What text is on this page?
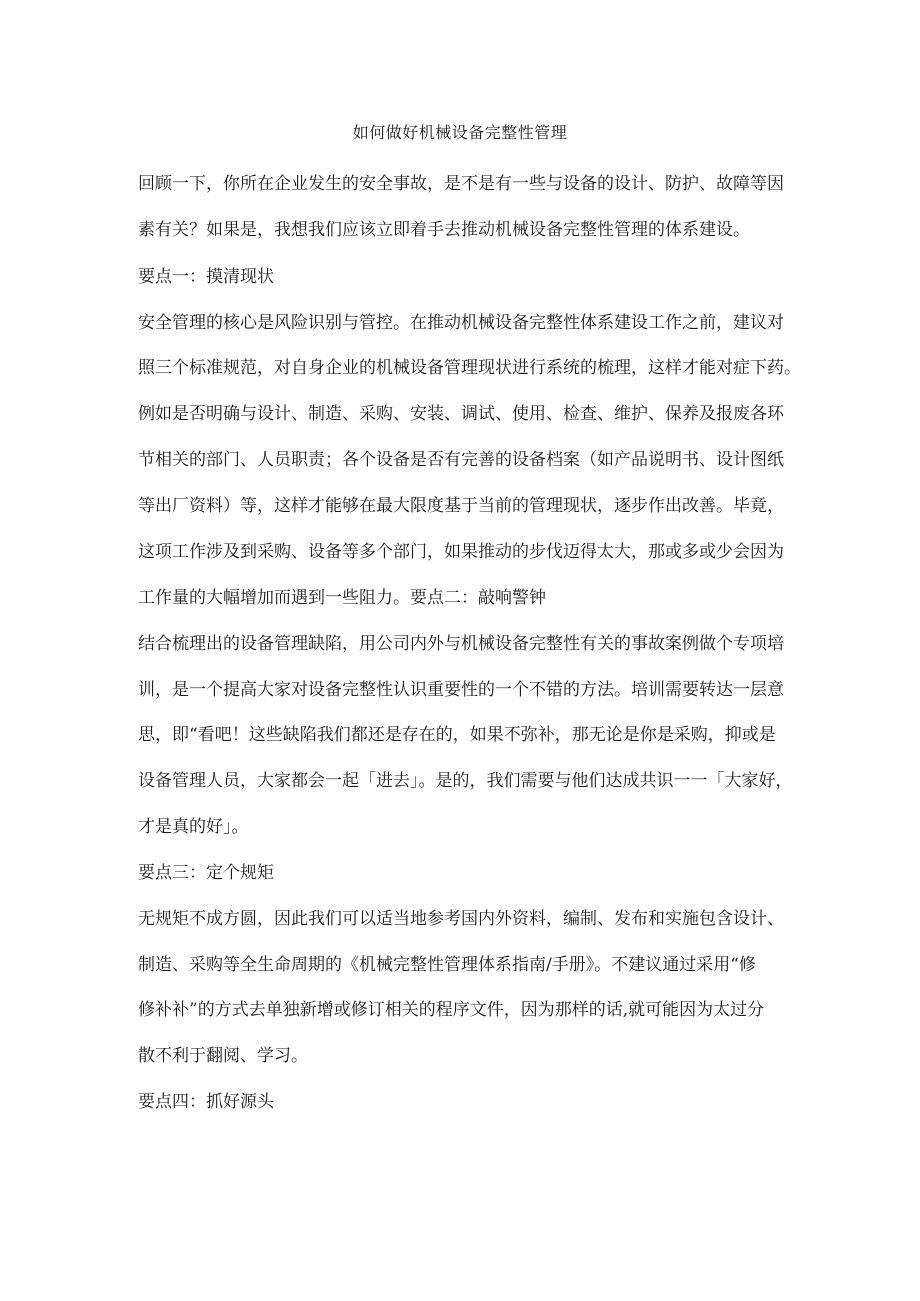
如何做好机械设备完整性管理
回顾一下，你所在企业发生的安全事故，是不是有一些与设备的设计、防护、故障等因
素有关？如果是，我想我们应该立即着手去推动机械设备完整性管理的体系建设。
要点一：摸清现状
安全管理的核心是风险识别与管控。在推动机械设备完整性体系建设工作之前，建议对
照三个标准规范，对自身企业的机械设备管理现状进行系统的梳理，这样才能对症下药。
例如是否明确与设计、制造、采购、安装、调试、使用、检查、维护、保养及报废各环
节相关的部门、人员职责；各个设备是否有完善的设备档案（如产品说明书、设计图纸
等出厂资料）等，这样才能够在最大限度基于当前的管理现状，逐步作出改善。毕竟，
这项工作涉及到采购、设备等多个部门，如果推动的步伐迈得太大，那或多或少会因为
工作量的大幅增加而遇到一些阻力。要点二：敲响警钟
结合梳理出的设备管理缺陷，用公司内外与机械设备完整性有关的事故案例做个专项培
训，是一个提高大家对设备完整性认识重要性的一个不错的方法。培训需要转达一层意
思，即“看吧！这些缺陷我们都还是存在的，如果不弥补，那无论是你是采购，抑或是
设备管理人员，大家都会一起「进去」。是的，我们需要与他们达成共识一一「大家好，
才是真的好」。
要点三：定个规矩
无规矩不成方圆，因此我们可以适当地参考国内外资料，编制、发布和实施包含设计、
制造、采购等全生命周期的《机械完整性管理体系指南/手册》。不建议通过采用“修
修补补”的方式去单独新增或修订相关的程序文件，因为那样的话,就可能因为太过分
散不利于翻阅、学习。
要点四：抓好源头
